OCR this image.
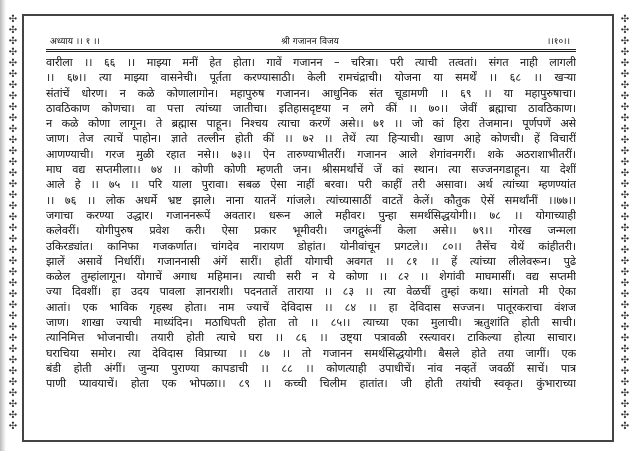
✣
✣
✣
✣
✣
✣
✣
✣
✣
✣
✣
✣
✣
✣
✣
✣
✣
✣
✣
✣
✣
✣
✣
✣
✣
✣
✣
✣
✣
✣
✣
✣
✣
✣
✣
✣
✣
✣
✣
✣
✣
✣
✣
✣
✣
✣
✣
✣
✣
✣
✣
✣
✣
✣
✣
✣
✣
✣
✣
✣
✣
✣
✣
✣
✣
✣
✣
✣
✣
✣
✣
✣
✣
✣
✣
✣
अध्याय ।। १ ।।	श्री गजानन विजय	।।१०।।
वारीला ।। ६६ ।। माझ्या मनीं हेत होता। गावें गजानन – चरित्रा। परी त्याची तत्वतां। संगत नाही लागली
।। ६७।। त्या माझ्या वासनेची। पूर्तता करण्यासाठी। केली रामचंद्राची। योजना या समर्थें ।। ६८ ।। खऱ्या
संतांचें धोरण। न कळे कोणालागोन। महापुरुष गजानन। आधुनिक संत चूडामणी ।। ६९ ।। या महापुरुषाचा।
ठावठिकाण कोणचा। वा पत्ता त्यांच्या जातीचा। इतिहासदृष्टया न लगे कीं ।। ७०।। जेवीं ब्रह्माचा ठावठिकाण।
न कळे कोणा लागून। ते ब्रह्मास पाहून। निश्चय त्याचा करणें असे।। ७१ ।। जो कां हिरा तेजमान। पूर्णपणें असे
जाण। तेज त्याचें पाहोन। ज्ञाते तल्लीन होती कीं ।। ७२ ।। तेथें त्या हिऱ्याची। खाण आहे कोणची। हें विचारीं
आणण्याची। गरज मुळी रहात नसे।। ७३।। ऐन तारुण्याभीतरीं। गजानन आले शेगांवनगरीं। शके अठराशाभीतरीं।
माघ वद्य सप्तमीला।। ७४ ।। कोणी कोणी म्हणती जन। श्रीसमर्थांचें जें कां स्थान। त्या सज्जनगडाहून। या देशीं
आले हे ।। ७५ ।। परि याला पुरावा। सबळ ऐसा नाहीं बरवा। परी काहीं तरी असावा। अर्थ त्यांच्या म्हणण्यांत
।। ७६ ।। लोक अधर्मे भ्रष्ट झाले। नाना यातनें गांजले। त्यांच्यासाठीं वाटतें केलें। कौतुक ऐसें समर्थांनीं ।।७७।।
जगाचा करण्या उद्धार। गजाननरूपें अवतार। धरून आले महीवर। पुन्हा समर्थसिद्धयोगी।। ७८ ।। योगाच्याही
कलेवरीं। योगीपुरुष प्रवेश करी। ऐसा प्रकार भूमीवरी। जगद्गुरूंनीं केला असे।। ७९।। गोरख जन्मला
उकिरड्यांत। कानिफा गजकर्णात। चांगदेव नारायण डोहांत। योनीवांचून प्रगटले।। ८०।। तैसेंच येथें कांहीतरी।
झालें असावें निर्धारीं। गजाननासी अंगें सारीं। होतीं योगाची अवगत ।। ८१ ।। हें त्यांच्या लीलेवरून। पुढे
कळेल तुम्हांलागून। योगाचें अगाध महिमान। त्याची सरी न ये कोणा ।। ८२ ।। शेगांवी माघमासीं। वद्य सप्तमी
ज्या दिवशीं। हा उदय पावला ज्ञानराशी। पदनतातें ताराया ।। ८३ ।। त्या वेळचीं तुम्हां कथा। सांगतो मी ऐका
आतां। एक भाविक गृहस्थ होता। नाम ज्याचें देविदास ।। ८४ ।। हा देविदास सज्जन। पातूरकराचा वंशज
जाण। शाखा ज्याची माध्यंदिन। मठाधिपती होता तो ।। ८५।। त्याच्या एका मुलाची। ऋतुशांति होती साची।
त्यानिमित्त भोजनाची। तयारी होती त्याचे घरा ।। ८६ ।। उष्ट्या पत्रावळी रस्त्यावर। टाकिल्या होत्या साचार।
घराचिया समोर। त्या देविदास विप्राच्या ।। ८७ ।। तो गजानन समर्थसिद्धयोगी। बैसले होते तया जागीं। एक
बंडी होती अंगीं। जुन्या पुराण्या कापडाची ।। ८८ ।। कोणत्याही उपाधीचें। नांव नव्हतें जवळीं साचें। पात्र
पाणी प्यावयाचें। होता एक भोपळा।। ८९ ।। कच्ची चिलीम हातांत। जी होती तयांची स्वकृत। कुंभाराच्या
